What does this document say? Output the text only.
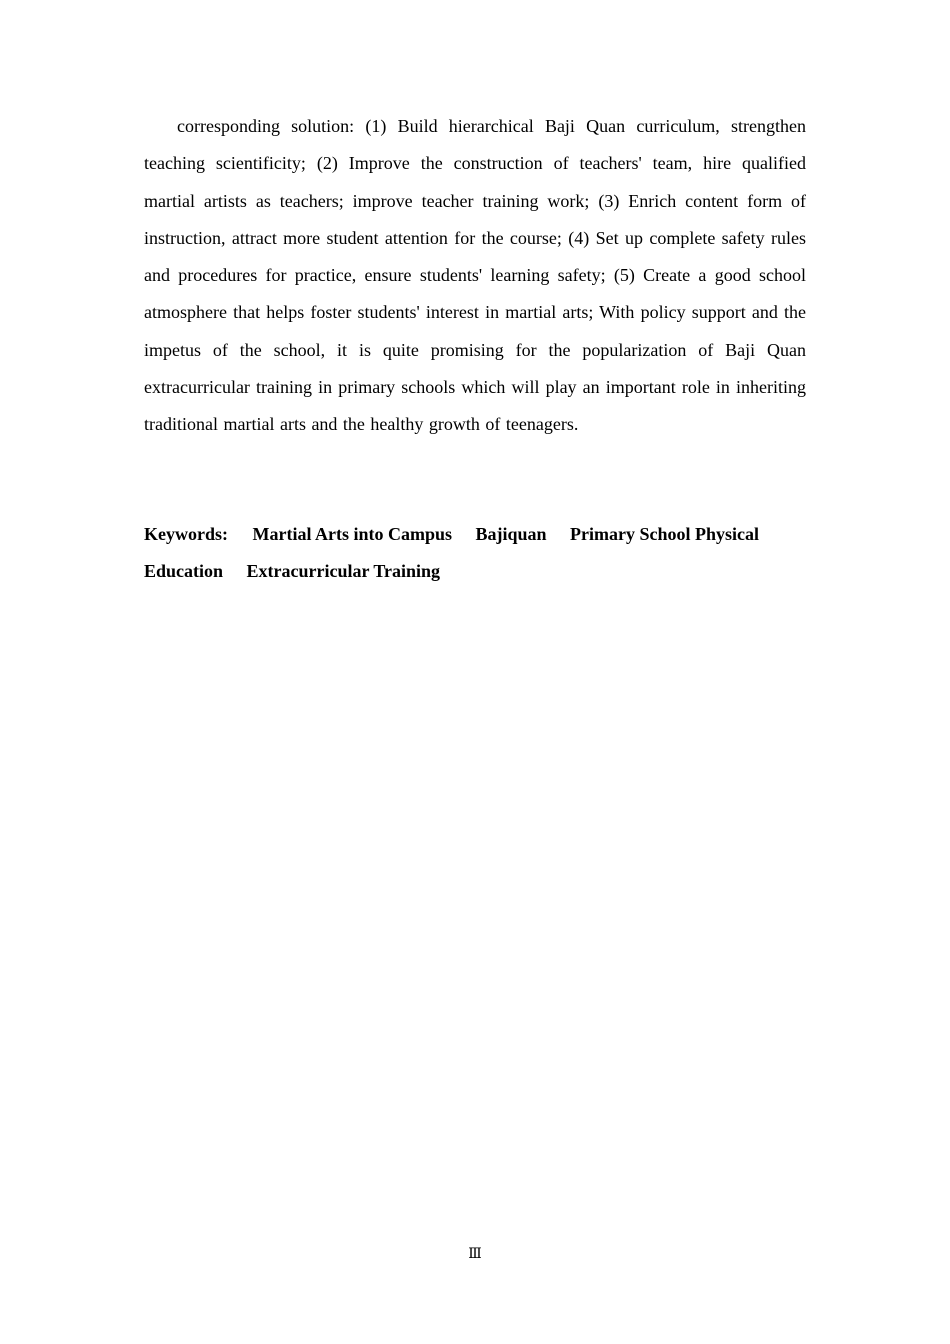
corresponding solution: (1) Build hierarchical Baji Quan curriculum, strengthen teaching scientificity; (2) Improve the construction of teachers' team, hire qualified martial artists as teachers; improve teacher training work; (3) Enrich content form of instruction, attract more student attention for the course; (4) Set up complete safety rules and procedures for practice, ensure students' learning safety; (5) Create a good school atmosphere that helps foster students' interest in martial arts; With policy support and the impetus of the school, it is quite promising for the popularization of Baji Quan extracurricular training in primary schools which will play an important role in inheriting traditional martial arts and the healthy growth of teenagers.

Keywords: Martial Arts into Campus Bajiquan Primary School Physical Education Extracurricular Training

Ⅲ
